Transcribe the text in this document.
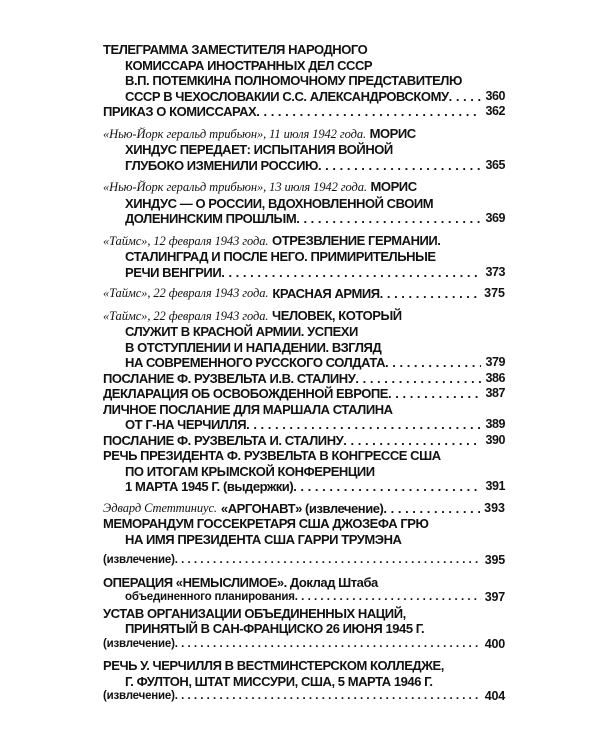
ТЕЛЕГРАММА ЗАМЕСТИТЕЛЯ НАРОДНОГО
КОМИССАРА ИНОСТРАННЫХ ДЕЛ СССР
В.П. ПОТЕМКИНА ПОЛНОМОЧНОМУ ПРЕДСТАВИТЕЛЮ
СССР В ЧЕХОСЛОВАКИИ С.С. АЛЕКСАНДРОВСКОМУ . . .	360
ПРИКАЗ О КОМИССАРАХ . . .	362
«Нью-Йорк геральд трибьюн», 11 июля 1942 года. МОРИС
ХИНДУС ПЕРЕДАЕТ: ИСПЫТАНИЯ ВОЙНОЙ
ГЛУБОКО ИЗМЕНИЛИ РОССИЮ . . .	365
«Нью-Йорк геральд трибьюн», 13 июля 1942 года. МОРИС
ХИНДУС — О РОССИИ, ВДОХНОВЛЕННОЙ СВОИМ
ДОЛЕНИНСКИМ ПРОШЛЫМ . . .	369
«Таймс», 12 февраля 1943 года. ОТРЕЗВЛЕНИЕ ГЕРМАНИИ.
СТАЛИНГРАД И ПОСЛЕ НЕГО. ПРИМИРИТЕЛЬНЫЕ
РЕЧИ ВЕНГРИИ . . .	373
«Таймс», 22 февраля 1943 года. КРАСНАЯ АРМИЯ . . .	375
«Таймс», 22 февраля 1943 года. ЧЕЛОВЕК, КОТОРЫЙ
СЛУЖИТ В КРАСНОЙ АРМИИ. УСПЕХИ
В ОТСТУПЛЕНИИ И НАПАДЕНИИ. ВЗГЛЯД
НА СОВРЕМЕННОГО РУССКОГО СОЛДАТА . . .	379
ПОСЛАНИЕ Ф. РУЗВЕЛЬТА И.В. СТАЛИНУ . . .	386
ДЕКЛАРАЦИЯ ОБ ОСВОБОЖДЕННОЙ ЕВРОПЕ . . .	387
ЛИЧНОЕ ПОСЛАНИЕ ДЛЯ МАРШАЛА СТАЛИНА
ОТ Г-НА ЧЕРЧИЛЛЯ . . .	389
ПОСЛАНИЕ Ф. РУЗВЕЛЬТА И. СТАЛИНУ . . .	390
РЕЧЬ ПРЕЗИДЕНТА Ф. РУЗВЕЛЬТА В КОНГРЕССЕ США
ПО ИТОГАМ КРЫМСКОЙ КОНФЕРЕНЦИИ
1 МАРТА 1945 Г. (выдержки) . . .	391
Эдвард Стеттиниус. «АРГОНАВТ» (извлечение) . . .	393
МЕМОРАНДУМ ГОССЕКРЕТАРЯ США ДЖОЗЕФА ГРЮ
НА ИМЯ ПРЕЗИДЕНТА США ГАРРИ ТРУМЭНА
(извлечение) . . .	395
ОПЕРАЦИЯ «НЕМЫСЛИМОЕ». Доклад Штаба
объединенного планирования . . .	397
УСТАВ ОРГАНИЗАЦИИ ОБЪЕДИНЕННЫХ НАЦИЙ,
ПРИНЯТЫЙ В САН-ФРАНЦИСКО 26 ИЮНЯ 1945 Г.
(извлечение) . . .	400
РЕЧЬ У. ЧЕРЧИЛЛЯ В ВЕСТМИНСТЕРСКОМ КОЛЛЕДЖЕ,
Г. ФУЛТОН, ШТАТ МИССУРИ, США, 5 МАРТА 1946 Г.
(извлечение) . . .	404
